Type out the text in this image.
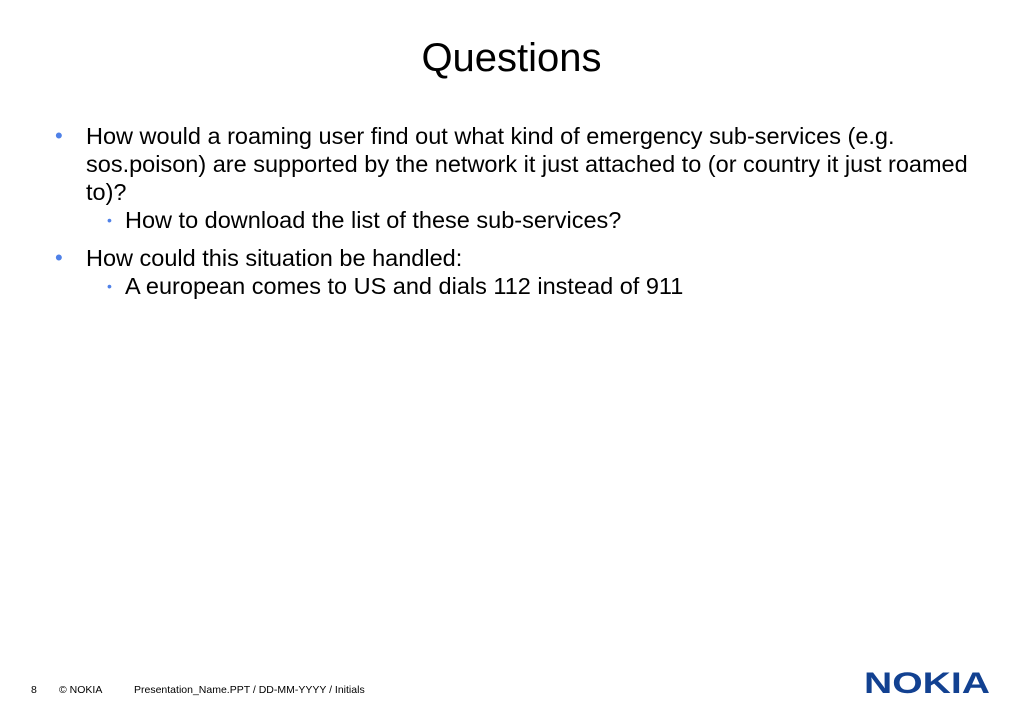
Questions
• How would a roaming user find out what kind of emergency sub-services (e.g. sos.poison) are supported by the network it just attached to (or country it just roamed to)?
• How to download the list of these sub-services?
• How could this situation be handled:
• A european comes to US and dials 112 instead of 911
8 © NOKIA	Presentation_Name.PPT / DD-MM-YYYY / Initials	NOKIA
